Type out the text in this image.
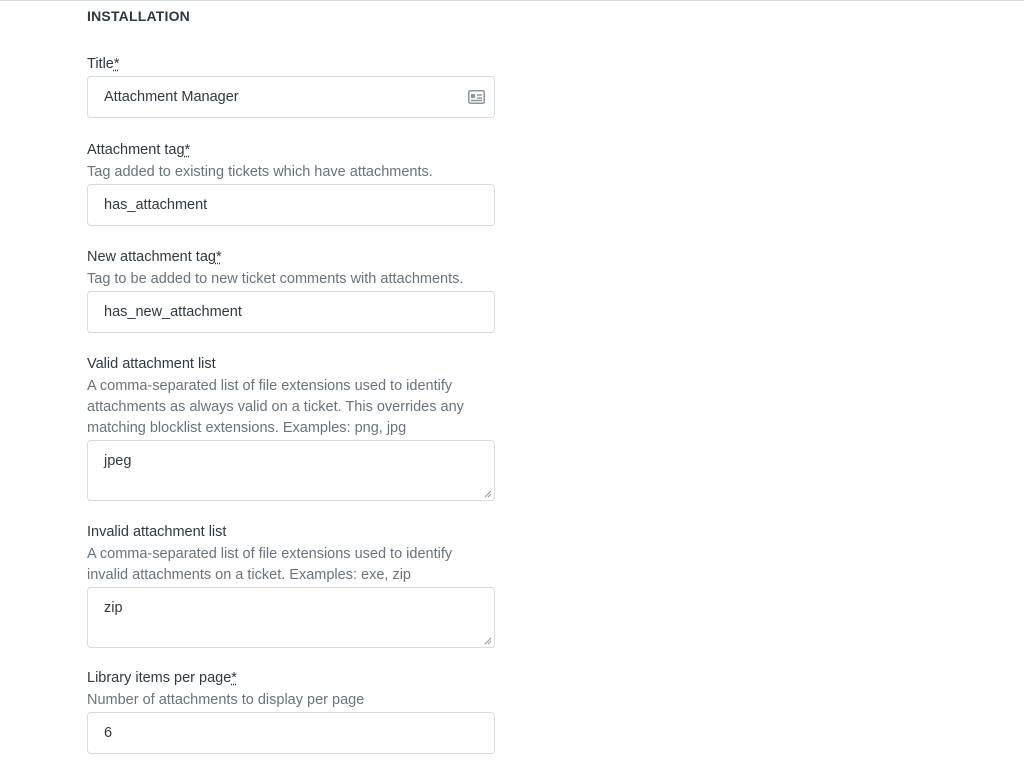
INSTALLATION
Title*
Attachment Manager
Attachment tag*
Tag added to existing tickets which have attachments.
has_attachment
New attachment tag*
Tag to be added to new ticket comments with attachments.
has_new_attachment
Valid attachment list
A comma-separated list of file extensions used to identify attachments as always valid on a ticket. This overrides any matching blocklist extensions. Examples: png, jpg
jpeg
Invalid attachment list
A comma-separated list of file extensions used to identify invalid attachments on a ticket. Examples: exe, zip
zip
Library items per page*
Number of attachments to display per page
6
